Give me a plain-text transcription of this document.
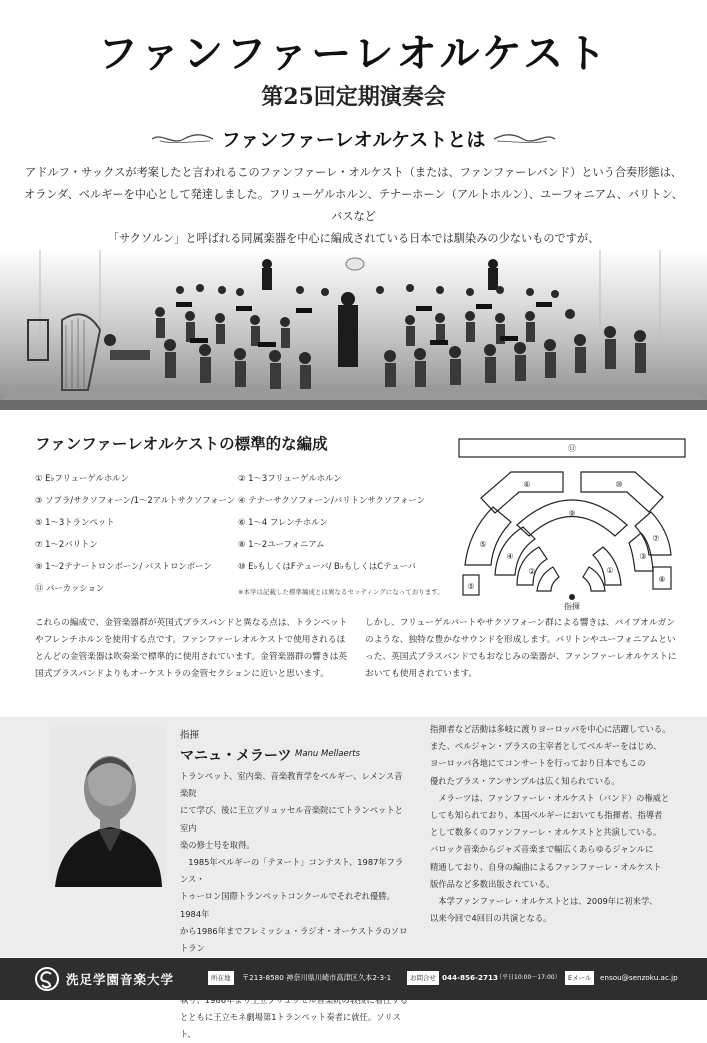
ファンファーレオルケスト
第25回定期演奏会
ファンファーレオルケストとは
アドルフ・サックスが考案したと言われるこのファンファーレ・オルケスト（または、ファンファーレバンド）という合奏形態は、
オランダ、ベルギーを中心として発達しました。フリューゲルホルン、テナーホーン（アルトホルン）、ユーフォニアム、バリトン、バスなど
「サクソルン」と呼ばれる同属楽器を中心に編成されている日本では馴染みの少ないものですが、
ファンファーレオルケストの標準的な編成
① E♭フリューゲルホルン
③ ソプラ/サクソフォーン/1〜2アルトサクソフォーン
⑤ 1〜3トランペット
⑦ 1〜2バリトン
⑨ 1〜2テナートロンボーン/ バストロンボーン
⑪ パーカッション
② 1〜3フリューゲルホルン
④ テナーサクソフォーン/バリトンサクソフォーン
⑥ 1〜4 フレンチホルン
⑧ 1〜2ユーフォニアム
⑩ E♭もしくはFテューバ/ B♭もしくはCテューバ
※本学は記載した標準編成とは異なるセッティングになっております。
⑪
⑥	⑩
⑨
⑤
⑦
④	③
②	①
⑤
⑧
指揮
これらの編成で、金管楽器群が英国式ブラスバンドと異なる点は、トランペットやフレンチホルンを使用する点です。ファンファーレオルケストで使用されるほとんどの金管楽器は吹奏楽で標準的に使用されています。金管楽器群の響きは英国式ブラスバンドよりもオーケストラの金管セクションに近いと思います。
しかし、フリューゲルパートやサクソフォーン群による響きは、パイプオルガンのような、独特な豊かなサウンドを形成します。バリトンやユーフォニアムといった、英国式ブラスバンドでもおなじみの楽器が、ファンファーレオルケストにおいても使用されています。
指揮
マニュ・メラーツ Manu Mellaerts
トランペット、室内楽、音楽教育学をベルギー、レメンス音楽院
にて学び、後に王立ブリュッセル音楽院にてトランペットと室内
楽の修士号を取得。
　1985年ベルギーの「テヌート」コンテスト、1987年フランス・
トゥーロン国際トランペットコンクールでそれぞれ優勝。1984年
から1986年までフレミッシュ・ラジオ・オーケストラのソロトラン
とともに王立モネ劇場第1トランペット奏者に就任。ソリスト、
指揮者など活動は多岐に渡りヨーロッパを中心に活躍している。
また、ベルジャン・ブラスの主宰者としてベルギーをはじめ、
ヨーロッパ各地にてコンサートを行っており日本でもこの
優れたブラス・アンサンブルは広く知られている。
　メラーツは、ファンファーレ・オルケスト（バンド）の権威と
しても知られており、本国ベルギーにおいても指揮者、指導者
として数多くのファンファーレ・オルケストと共演している。
バロック音楽からジャズ音楽まで幅広くあらゆるジャンルに
精通しており、自身の編曲によるファンファーレ・オルケスト
版作品など多数出版されている。
　本学ファンファーレ・オルケストとは、2009年に初来学、
以来今回で4回目の共演となる。
洗足学園音楽大学	所在地	〒213-8580 神奈川県川崎市高津区久本2-3-1	お問合せ 044-856-2713
（平日10:00〜17:00）	Eメール	ensou@senzoku.ac.jp
